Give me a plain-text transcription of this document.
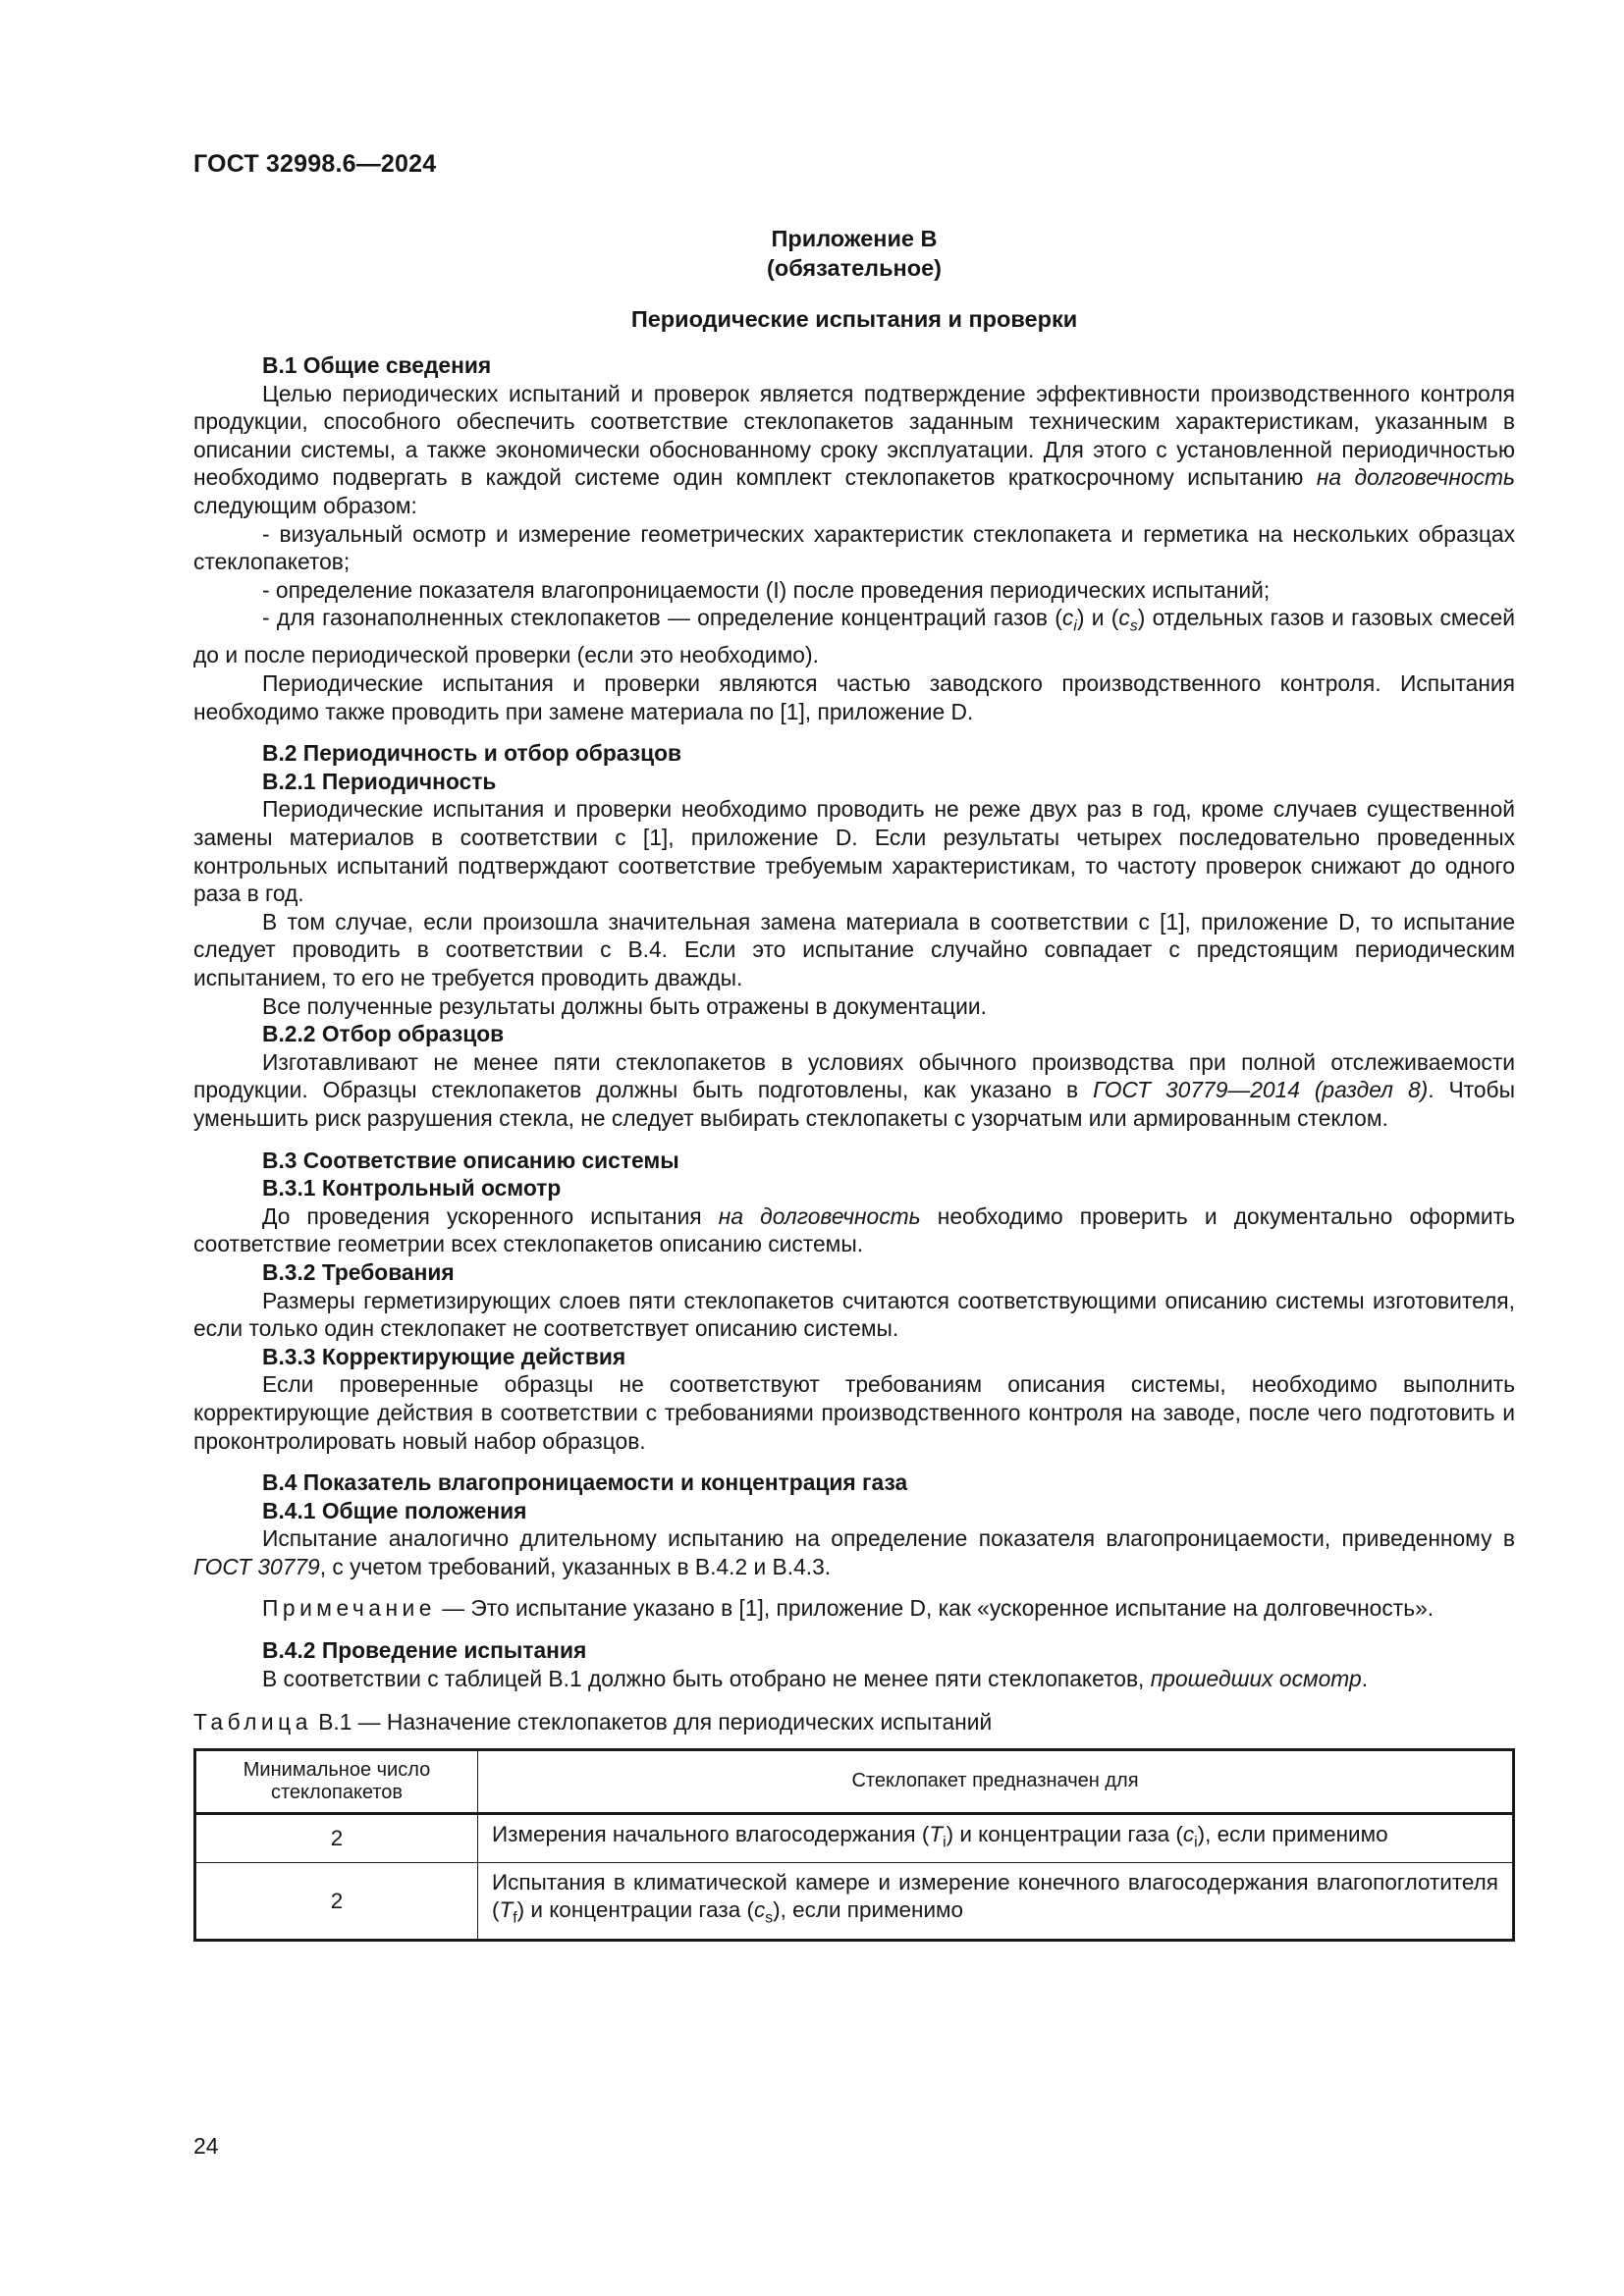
ГОСТ 32998.6—2024
Приложение В
(обязательное)
Периодические испытания и проверки
В.1 Общие сведения

Целью периодических испытаний и проверок является подтверждение эффективности производственного контроля продукции, способного обеспечить соответствие стеклопакетов заданным техническим характеристикам, указанным в описании системы, а также экономически обоснованному сроку эксплуатации. Для этого с установленной периодичностью необходимо подвергать в каждой системе один комплект стеклопакетов краткосрочному испытанию на долговечность следующим образом:

- визуальный осмотр и измерение геометрических характеристик стеклопакета и герметика на нескольких образцах стеклопакетов;

- определение показателя влагопроницаемости (I) после проведения периодических испытаний;

- для газонаполненных стеклопакетов — определение концентраций газов $(c_i)$ и $(c_s)$ отдельных газов и газовых смесей до и после периодической проверки (если это необходимо).

Периодические испытания и проверки являются частью заводского производственного контроля. Испытания необходимо также проводить при замене материала по [1], приложение D.

В.2 Периодичность и отбор образцов
В.2.1 Периодичность

Периодические испытания и проверки необходимо проводить не реже двух раз в год, кроме случаев существенной замены материалов в соответствии с [1], приложение D. Если результаты четырех последовательно проведенных контрольных испытаний подтверждают соответствие требуемым характеристикам, то частоту проверок снижают до одного раза в год.

В том случае, если произошла значительная замена материала в соответствии с [1], приложение D, то испытание следует проводить в соответствии с В.4. Если это испытание случайно совпадает с предстоящим периодическим испытанием, то его не требуется проводить дважды.

Все полученные результаты должны быть отражены в документации.

В.2.2 Отбор образцов

Изготавливают не менее пяти стеклопакетов в условиях обычного производства при полной отслеживаемости продукции. Образцы стеклопакетов должны быть подготовлены, как указано в ГОСТ 30779—2014 (раздел 8). Чтобы уменьшить риск разрушения стекла, не следует выбирать стеклопакеты с узорчатым или армированным стеклом.

В.3 Соответствие описанию системы
В.3.1 Контрольный осмотр

До проведения ускоренного испытания на долговечность необходимо проверить и документально оформить соответствие геометрии всех стеклопакетов описанию системы.

В.3.2 Требования

Размеры герметизирующих слоев пяти стеклопакетов считаются соответствующими описанию системы изготовителя, если только один стеклопакет не соответствует описанию системы.

В.3.3 Корректирующие действия

Если проверенные образцы не соответствуют требованиям описания системы, необходимо выполнить корректирующие действия в соответствии с требованиями производственного контроля на заводе, после чего подготовить и проконтролировать новый набор образцов.

В.4 Показатель влагопроницаемости и концентрация газа
В.4.1 Общие положения

Испытание аналогично длительному испытанию на определение показателя влагопроницаемости, приведенному в ГОСТ 30779, с учетом требований, указанных в В.4.2 и В.4.3.

Примечание — Это испытание указано в [1], приложение D, как «ускоренное испытание на долговечность».

В.4.2 Проведение испытания

В соответствии с таблицей В.1 должно быть отобрано не менее пяти стеклопакетов, прошедших осмотр.

Таблица В.1 — Назначение стеклопакетов для периодических испытаний
Минимальное число стеклопакетов	Стеклопакет предназначен для
2	Измерения начального влагосодержания $(T_i)$ и концентрации газа $(c_i)$, если применимо
2	Испытания в климатической камере и измерение конечного влагосодержания влагопоглотителя $(T_f)$ и концентрации газа $(c_s)$, если применимо
24
